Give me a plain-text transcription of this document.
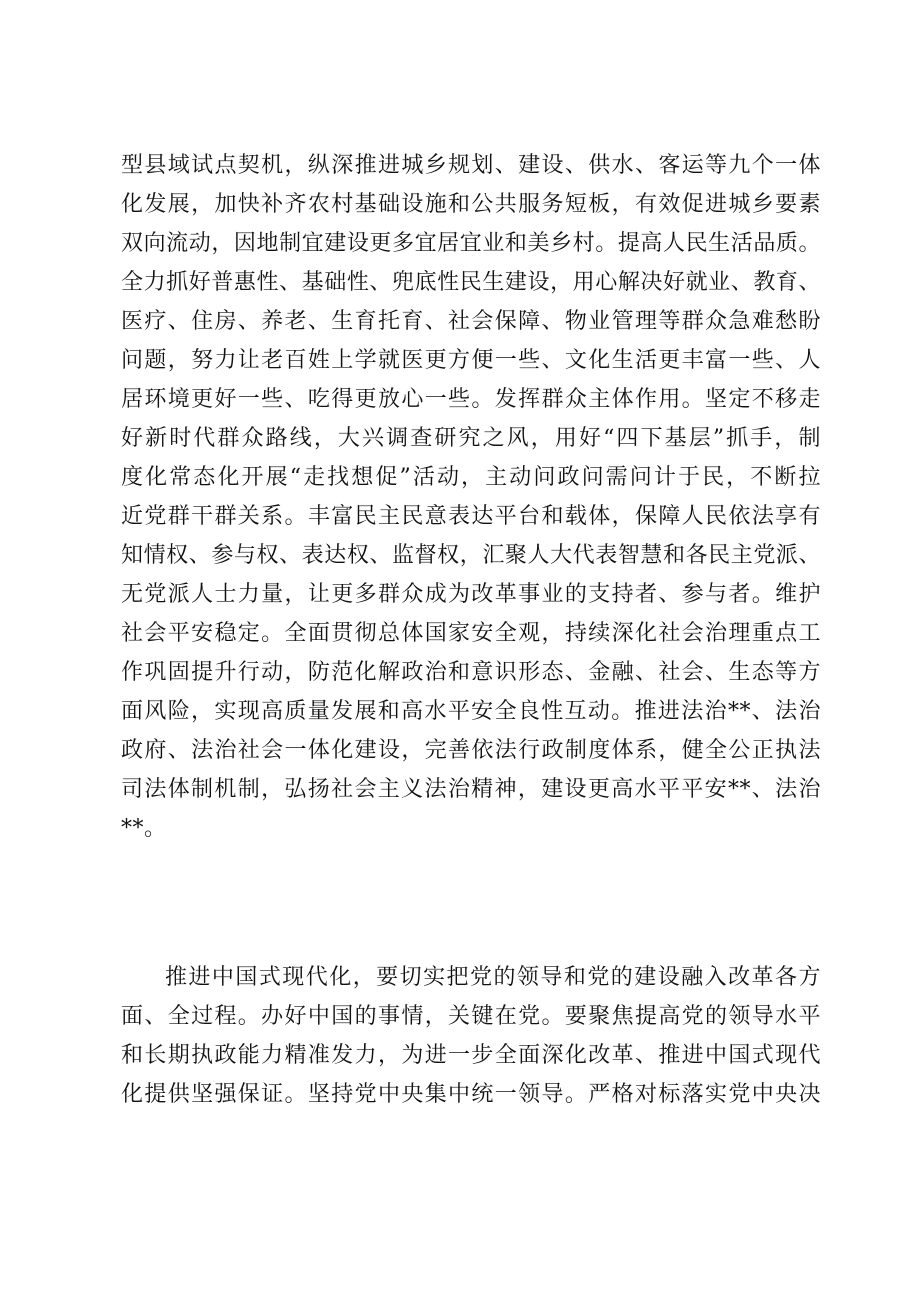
型县域试点契机，纵深推进城乡规划、建设、供水、客运等九个一体
化发展，加快补齐农村基础设施和公共服务短板，有效促进城乡要素
双向流动，因地制宜建设更多宜居宜业和美乡村。提高人民生活品质。
全力抓好普惠性、基础性、兜底性民生建设，用心解决好就业、教育、
医疗、住房、养老、生育托育、社会保障、物业管理等群众急难愁盼
问题，努力让老百姓上学就医更方便一些、文化生活更丰富一些、人
居环境更好一些、吃得更放心一些。发挥群众主体作用。坚定不移走
好新时代群众路线，大兴调查研究之风，用好“四下基层”抓手，制
度化常态化开展“走找想促”活动，主动问政问需问计于民，不断拉
近党群干群关系。丰富民主民意表达平台和载体，保障人民依法享有
知情权、参与权、表达权、监督权，汇聚人大代表智慧和各民主党派、
无党派人士力量，让更多群众成为改革事业的支持者、参与者。维护
社会平安稳定。全面贯彻总体国家安全观，持续深化社会治理重点工
作巩固提升行动，防范化解政治和意识形态、金融、社会、生态等方
面风险，实现高质量发展和高水平安全良性互动。推进法治**、法治
政府、法治社会一体化建设，完善依法行政制度体系，健全公正执法
司法体制机制，弘扬社会主义法治精神，建设更高水平平安**、法治
**。
推进中国式现代化，要切实把党的领导和党的建设融入改革各方
面、全过程。办好中国的事情，关键在党。要聚焦提高党的领导水平
和长期执政能力精准发力，为进一步全面深化改革、推进中国式现代
化提供坚强保证。坚持党中央集中统一领导。严格对标落实党中央决
